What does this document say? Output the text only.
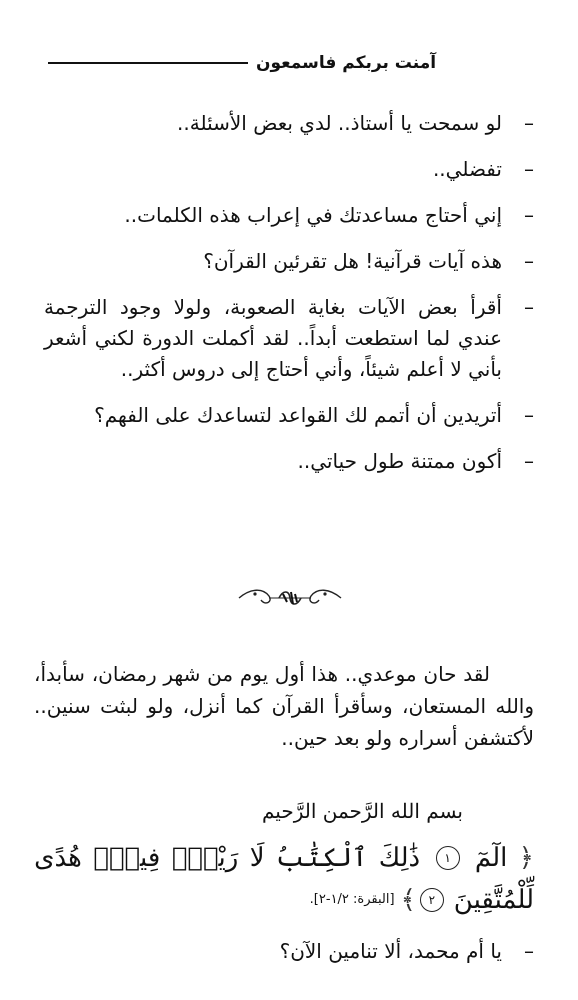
آمنت بربكم فاسمعون
–
لو سمحت يا أستاذ.. لدي بعض الأسئلة..
–
تفضلي..
–
إني أحتاج مساعدتك في إعراب هذه الكلمات..
–
هذه آيات قرآنية! هل تقرئين القرآن؟
–
أقرأ بعض الآيات بغاية الصعوبة، ولولا وجود الترجمة عندي لما استطعت أبداً.. لقد أكملت الدورة لكني أشعر بأني لا أعلم شيئاً، وأني أحتاج إلى دروس أكثر..
–
أتريدين أن أتمم لك القواعد لتساعدك على الفهم؟
–
أكون ممتنة طول حياتي..
لقد حان موعدي.. هذا أول يوم من شهر رمضان، سأبدأ، والله المستعان، وسأقرأ القرآن كما أنزل، ولو لبثت سنين.. لأكتشفن أسراره ولو بعد حين..
بسم الله الرَّحمن الرَّحيم
﴿
الٓمٓ
١
ذَٰلِكَ
ٱلْكِتَٰبُ
لَا
رَيْبَۛ
فِيهِۛ
هُدًى
لِّلْمُتَّقِينَ
٢
﴾
[البقرة: ١/٢-٢].
–
يا أم محمد، ألا تنامين الآن؟
